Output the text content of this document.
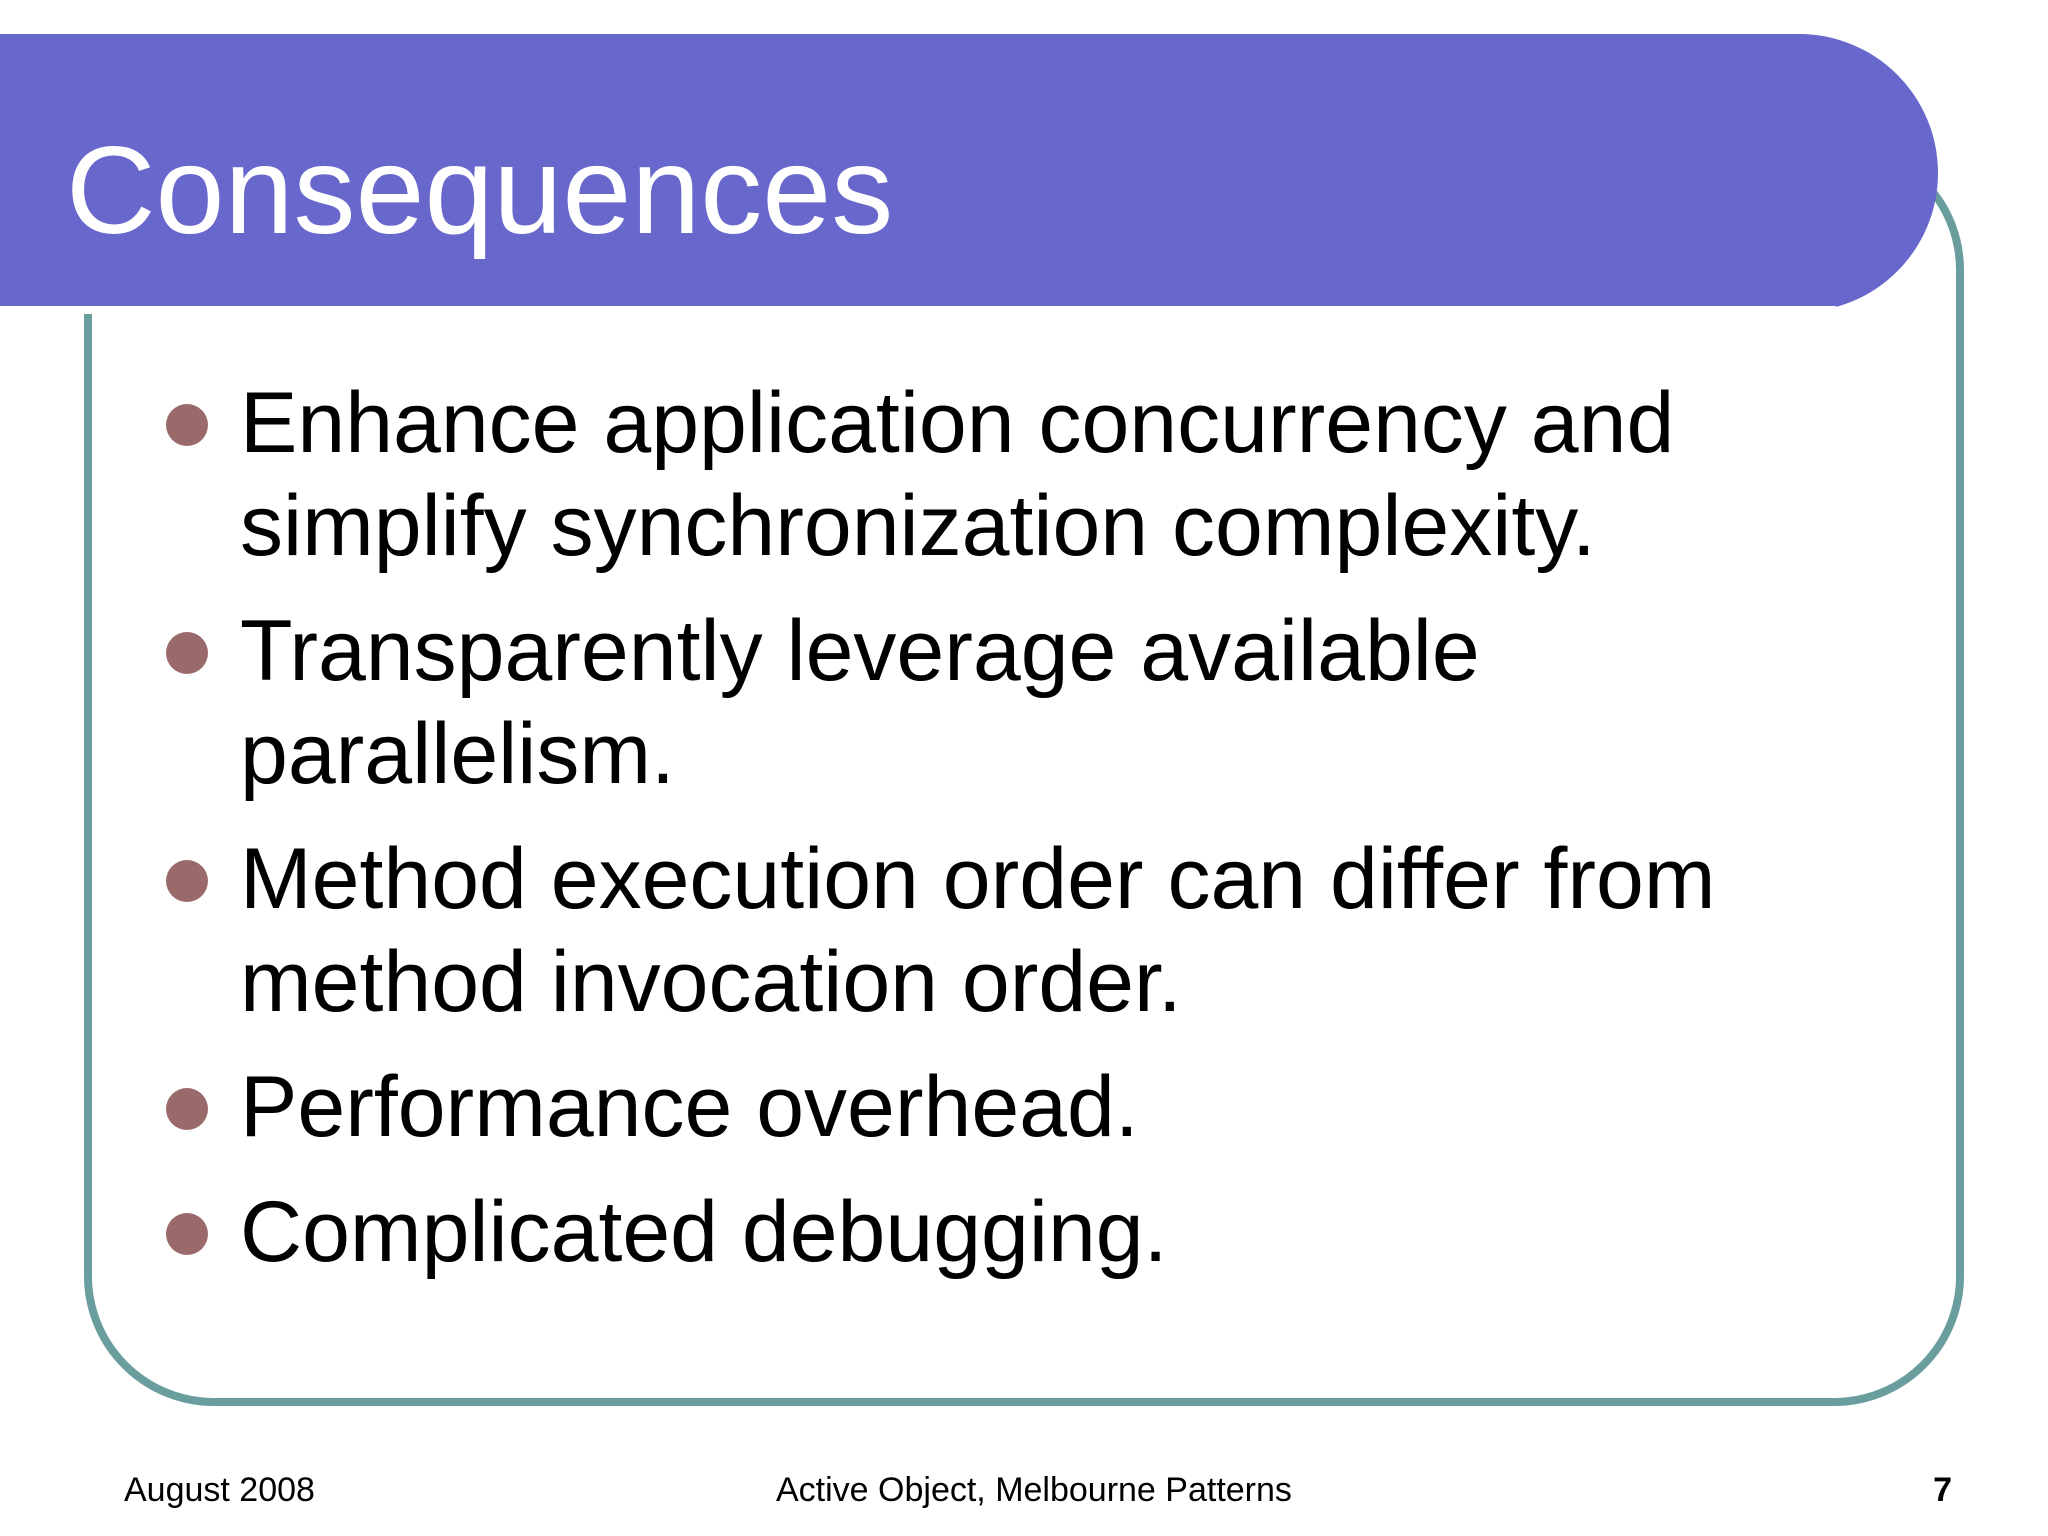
Consequences
Enhance application concurrency and simplify synchronization complexity.
Transparently leverage available parallelism.
Method execution order can differ from method invocation order.
Performance overhead.
Complicated debugging.
August 2008	Active Object, Melbourne Patterns	7
